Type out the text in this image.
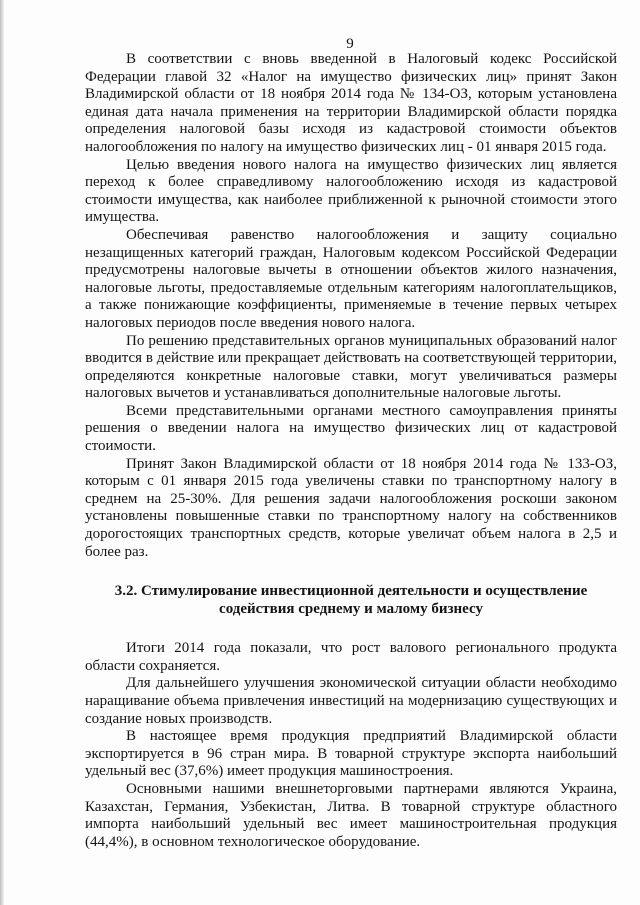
9

В соответствии с вновь введенной в Налоговый кодекс Российской Федерации главой 32 «Налог на имущество физических лиц» принят Закон Владимирской области от 18 ноября 2014 года № 134-ОЗ, которым установлена единая дата начала применения на территории Владимирской области порядка определения налоговой базы исходя из кадастровой стоимости объектов налогообложения по налогу на имущество физических лиц - 01 января 2015 года.

Целью введения нового налога на имущество физических лиц является переход к более справедливому налогообложению исходя из кадастровой стоимости имущества, как наиболее приближенной к рыночной стоимости этого имущества.

Обеспечивая равенство налогообложения и защиту социально незащищенных категорий граждан, Налоговым кодексом Российской Федерации предусмотрены налоговые вычеты в отношении объектов жилого назначения, налоговые льготы, предоставляемые отдельным категориям налогоплательщиков, а также понижающие коэффициенты, применяемые в течение первых четырех налоговых периодов после введения нового налога.

По решению представительных органов муниципальных образований налог вводится в действие или прекращает действовать на соответствующей территории, определяются конкретные налоговые ставки, могут увеличиваться размеры налоговых вычетов и устанавливаться дополнительные налоговые льготы.

Всеми представительными органами местного самоуправления приняты решения о введении налога на имущество физических лиц от кадастровой стоимости.

Принят Закон Владимирской области от 18 ноября 2014 года № 133-ОЗ, которым с 01 января 2015 года увеличены ставки по транспортному налогу в среднем на 25-30%. Для решения задачи налогообложения роскоши законом установлены повышенные ставки по транспортному налогу на собственников дорогостоящих транспортных средств, которые увеличат объем налога в 2,5 и более раз.

3.2. Стимулирование инвестиционной деятельности и осуществление
содействия среднему и малому бизнесу

Итоги 2014 года показали, что рост валового регионального продукта области сохраняется.

Для дальнейшего улучшения экономической ситуации области необходимо наращивание объема привлечения инвестиций на модернизацию существующих и создание новых производств.

В настоящее время продукция предприятий Владимирской области экспортируется в 96 стран мира. В товарной структуре экспорта наибольший удельный вес (37,6%) имеет продукция машиностроения.

Основными нашими внешнеторговыми партнерами являются Украина, Казахстан, Германия, Узбекистан, Литва. В товарной структуре областного импорта наибольший удельный вес имеет машиностроительная продукция (44,4%), в основном технологическое оборудование.
